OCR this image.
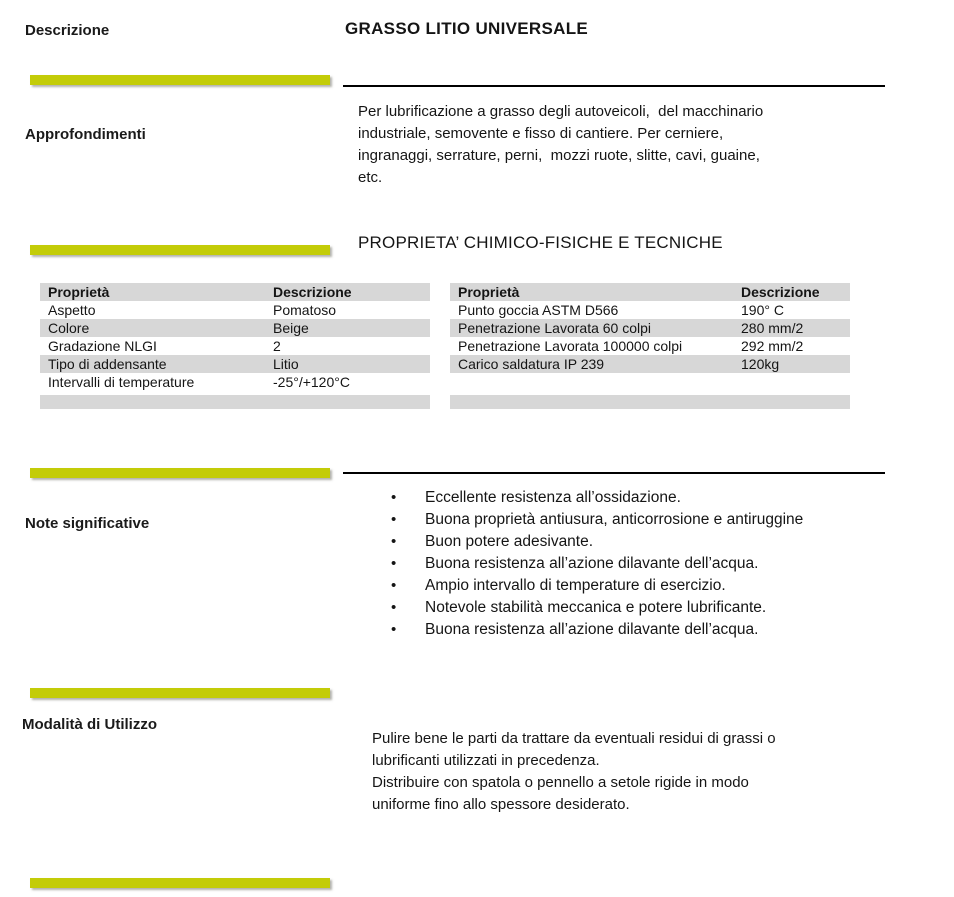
Descrizione
Approfondimenti
Note significative
Modalità di Utilizzo
GRASSO LITIO UNIVERSALE
Per lubrificazione a grasso degli autoveicoli,  del macchinario
industriale, semovente e fisso di cantiere. Per cerniere,
ingranaggi, serrature, perni,  mozzi ruote, slitte, cavi, guaine,
etc.
PROPRIETA’ CHIMICO-FISICHE E TECNICHE
Proprietà	Descrizione
Aspetto	Pomatoso
Colore	Beige
Gradazione NLGI	2
Tipo di addensante	Litio
Intervalli di temperature	-25°/+120°C
Proprietà	Descrizione
Punto goccia ASTM D566	190° C
Penetrazione Lavorata 60 colpi	280 mm/2
Penetrazione Lavorata 100000 colpi	292 mm/2
Carico saldatura IP 239	120kg
• Eccellente resistenza all’ossidazione.
• Buona proprietà antiusura, anticorrosione e antiruggine
• Buon potere adesivante.
• Buona resistenza all’azione dilavante dell’acqua.
• Ampio intervallo di temperature di esercizio.
• Notevole stabilità meccanica e potere lubrificante.
• Buona resistenza all’azione dilavante dell’acqua.
Pulire bene le parti da trattare da eventuali residui di grassi o
lubrificanti utilizzati in precedenza.
Distribuire con spatola o pennello a setole rigide in modo
uniforme fino allo spessore desiderato.
